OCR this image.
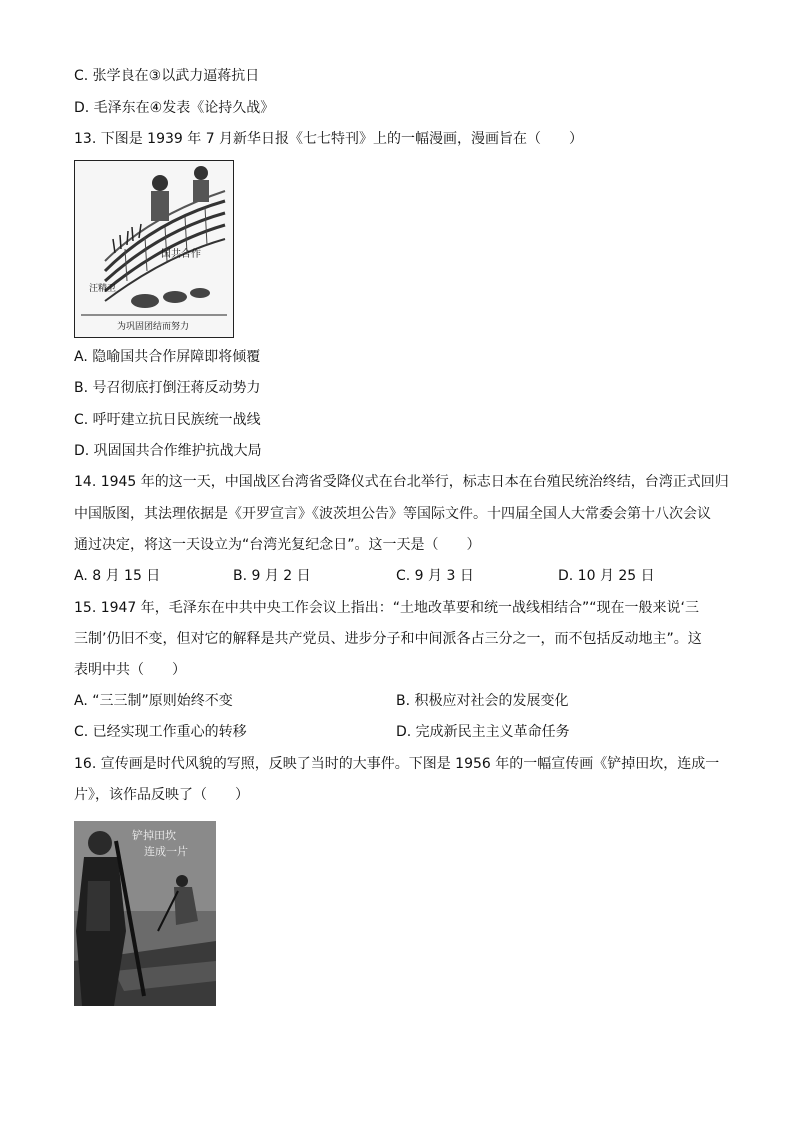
C. 张学良在③以武力逼蒋抗日
D. 毛泽东在④发表《论持久战》
13. 下图是 1939 年 7 月新华日报《七七特刊》上的一幅漫画，漫画旨在（　　）
国共合作
汪精卫
为巩固团结而努力
A. 隐喻国共合作屏障即将倾覆
B. 号召彻底打倒汪蒋反动势力
C. 呼吁建立抗日民族统一战线
D. 巩固国共合作维护抗战大局
14. 1945 年的这一天，中国战区台湾省受降仪式在台北举行，标志日本在台殖民统治终结，台湾正式回归
中国版图，其法理依据是《开罗宣言》《波茨坦公告》等国际文件。十四届全国人大常委会第十八次会议
通过决定，将这一天设立为“台湾光复纪念日”。这一天是（　　）
A. 8 月 15 日	B. 9 月 2 日	C. 9 月 3 日	D. 10 月 25 日
15. 1947 年，毛泽东在中共中央工作会议上指出：“土地改革要和统一战线相结合”“现在一般来说‘三
三制’仍旧不变，但对它的解释是共产党员、进步分子和中间派各占三分之一，而不包括反动地主”。这
表明中共（　　）
A. “三三制”原则始终不变	B. 积极应对社会的发展变化
C. 已经实现工作重心的转移	D. 完成新民主主义革命任务
16. 宣传画是时代风貌的写照，反映了当时的大事件。下图是 1956 年的一幅宣传画《铲掉田坎，连成一
片》，该作品反映了（　　）
铲掉田坎
连成一片
